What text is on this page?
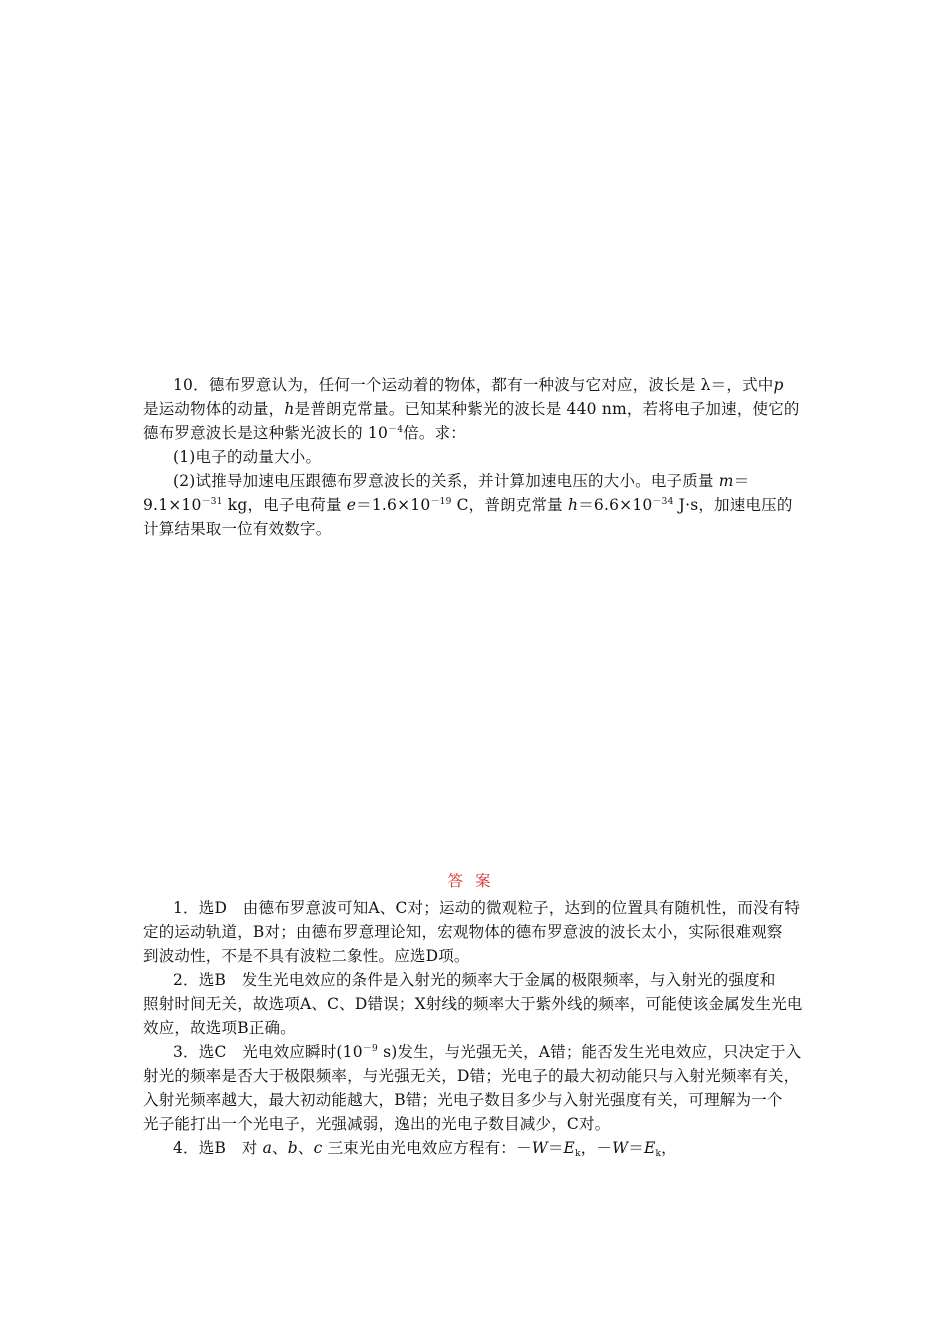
10．德布罗意认为，任何一个运动着的物体，都有一种波与它对应，波长是 λ＝，式中p
是运动物体的动量，h是普朗克常量。已知某种紫光的波长是 440 nm，若将电子加速，使它的
德布罗意波长是这种紫光波长的 $10^{-4}$倍。求：
(1)电子的动量大小。
(2)试推导加速电压跟德布罗意波长的关系，并计算加速电压的大小。电子质量 m＝
$9.1\times 10^{-31}$ kg，电子电荷量 $e=1.6\times 10^{-19}$ C，普朗克常量 $h=6.6\times 10^{-34}$ J·s，加速电压的
计算结果取一位有效数字。
答案
1．选D　由德布罗意波可知A、C对；运动的微观粒子，达到的位置具有随机性，而没有特
定的运动轨道，B对；由德布罗意理论知，宏观物体的德布罗意波的波长太小，实际很难观察
到波动性，不是不具有波粒二象性。应选D项。
2．选B　发生光电效应的条件是入射光的频率大于金属的极限频率，与入射光的强度和
照射时间无关，故选项A、C、D错误；X射线的频率大于紫外线的频率，可能使该金属发生光电
效应，故选项B正确。
3．选C　光电效应瞬时($10^{-9}$ s)发生，与光强无关，A错；能否发生光电效应，只决定于入
射光的频率是否大于极限频率，与光强无关，D错；光电子的最大初动能只与入射光频率有关，
入射光频率越大，最大初动能越大，B错；光电子数目多少与入射光强度有关，可理解为一个
光子能打出一个光电子，光强减弱，逸出的光电子数目减少，C对。
4．选B　对 a、b、c 三束光由光电效应方程有：$-W=E_k$，$-W=E_k$，
